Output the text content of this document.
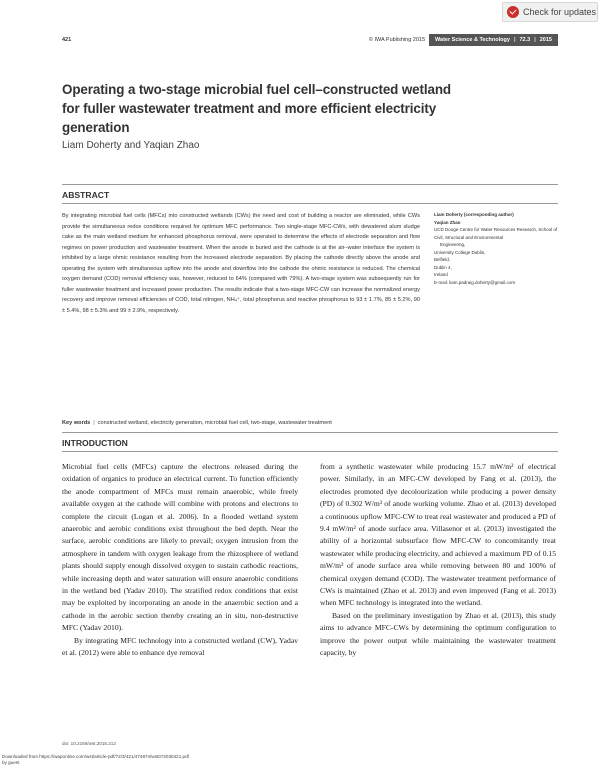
Check for updates
421	© IWA Publishing 2015 Water Science & Technology | 72.3 | 2015
Operating a two-stage microbial fuel cell–constructed wetland for fuller wastewater treatment and more efficient electricity generation
Liam Doherty and Yaqian Zhao
ABSTRACT
By integrating microbial fuel cells (MFCs) into constructed wetlands (CWs) the need and cost of building a reactor are eliminated, while CWs provide the simultaneous redox conditions required for optimum MFC performance. Two single-stage MFC-CWs, with dewatered alum sludge cake as the main wetland medium for enhanced phosphorus removal, were operated to determine the effects of electrode separation and flow regimes on power production and wastewater treatment. When the anode is buried and the cathode is at the air–water interface the system is inhibited by a large ohmic resistance resulting from the increased electrode separation. By placing the cathode directly above the anode and operating the system with simultaneous upflow into the anode and downflow into the cathode the ohmic resistance is reduced. The chemical oxygen demand (COD) removal efficiency was, however, reduced to 64% (compared with 79%). A two-stage system was subsequently run for fuller wastewater treatment and increased power production. The results indicate that a two-stage MFC-CW can increase the normalized energy recovery and improve removal efficiencies of COD, total nitrogen, NH₄⁺, total phosphorus and reactive phosphorus to 93 ± 1.7%, 85 ± 5.2%, 90 ± 5.4%, 98 ± 5.3% and 99 ± 2.9%, respectively.
Key words | constructed wetland, electricity generation, microbial fuel cell, two-stage, wastewater treatment
Liam Doherty (corresponding author)
Yaqian Zhao
UCD Dooge Centre for Water Resources Research, School of Civil, Structural and Environmental
Engineering,
University College Dublin,
Belfield,
Dublin 4,
Ireland
E-mail: liam.padraig.doherty@gmail.com
INTRODUCTION

Microbial fuel cells (MFCs) capture the electrons released during the oxidation of organics to produce an electrical current. To function efficiently the anode compartment of MFCs must remain anaerobic, while freely available oxygen at the cathode will combine with protons and electrons to complete the circuit (Logan et al. 2006). In a flooded wetland system anaerobic and aerobic conditions exist throughout the bed depth. Near the surface, aerobic conditions are likely to prevail; oxygen intrusion from the atmosphere in tandem with oxygen leakage from the rhizosphere of wetland plants should supply enough dissolved oxygen to sustain cathodic reactions, while increasing depth and water saturation will ensure anaerobic conditions in the wetland bed (Yadav 2010). The stratified redox conditions that exist may be exploited by incorporating an anode in the anaerobic section and a cathode in the aerobic section thereby creating an in situ, non-destructive MFC (Yadav 2010).

By integrating MFC technology into a constructed wetland (CW), Yadav et al. (2012) were able to enhance dye removal

from a synthetic wastewater while producing 15.7 mW/m² of electrical power. Similarly, in an MFC-CW developed by Fang et al. (2013), the electrodes promoted dye decolourization while producing a power density (PD) of 0.302 W/m³ of anode working volume. Zhao et al. (2013) developed a continuous upflow MFC-CW to treat real wastewater and produced a PD of 9.4 mW/m² of anode surface area. Villasenor et al. (2013) investigated the ability of a horizontal subsurface flow MFC-CW to concomitantly treat wastewater while producing electricity, and achieved a maximum PD of 0.15 mW/m² of anode surface area while removing between 80 and 100% of chemical oxygen demand (COD). The wastewater treatment performance of CWs is maintained (Zhao et al. 2013) and even improved (Fang et al. 2013) when MFC technology is integrated into the wetland.

Based on the preliminary investigation by Zhao et al. (2013), this study aims to advance MFC-CWs by determining the optimum configuration to improve the power output while maintaining the wastewater treatment capacity, by

doi: 10.2166/wst.2015.212
Downloaded from https://iwaponline.com/wst/article-pdf/72/3/421/474874/wst072030421.pdf
by guest
